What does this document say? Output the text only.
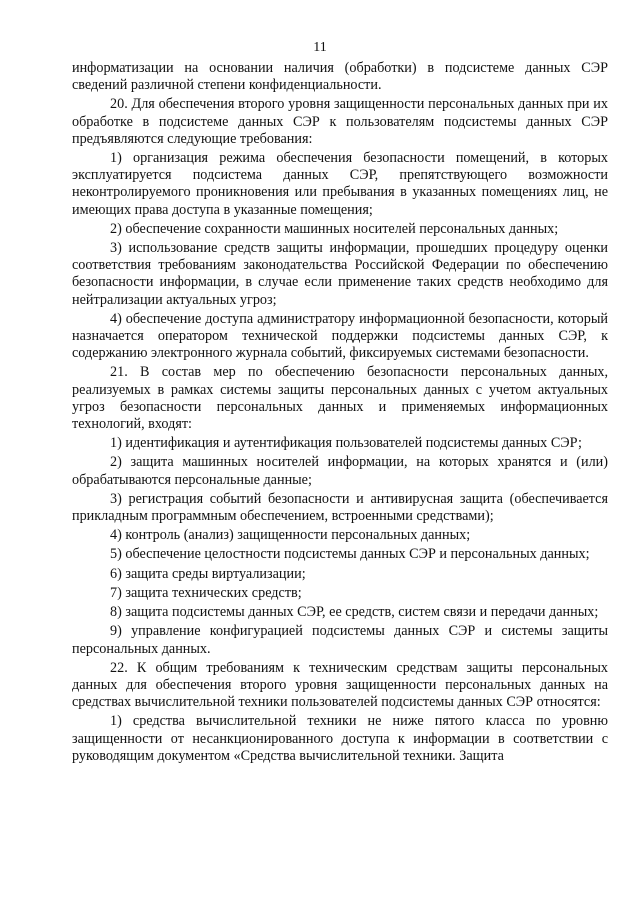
11

информатизации на основании наличия (обработки) в подсистеме данных СЭР сведений различной степени конфиденциальности.

20. Для обеспечения второго уровня защищенности персональных данных при их обработке в подсистеме данных СЭР к пользователям подсистемы данных СЭР предъявляются следующие требования:

1) организация режима обеспечения безопасности помещений, в которых эксплуатируется подсистема данных СЭР, препятствующего возможности неконтролируемого проникновения или пребывания в указанных помещениях лиц, не имеющих права доступа в указанные помещения;

2) обеспечение сохранности машинных носителей персональных данных;

3) использование средств защиты информации, прошедших процедуру оценки соответствия требованиям законодательства Российской Федерации по обеспечению безопасности информации, в случае если применение таких средств необходимо для нейтрализации актуальных угроз;

4) обеспечение доступа администратору информационной безопасности, который назначается оператором технической поддержки подсистемы данных СЭР, к содержанию электронного журнала событий, фиксируемых системами безопасности.

21. В состав мер по обеспечению безопасности персональных данных, реализуемых в рамках системы защиты персональных данных с учетом актуальных угроз безопасности персональных данных и применяемых информационных технологий, входят:

1) идентификация и аутентификация пользователей подсистемы данных СЭР;

2) защита машинных носителей информации, на которых хранятся и (или) обрабатываются персональные данные;

3) регистрация событий безопасности и антивирусная защита (обеспечивается прикладным программным обеспечением, встроенными средствами);

4) контроль (анализ) защищенности персональных данных;

5) обеспечение целостности подсистемы данных СЭР и персональных данных;

6) защита среды виртуализации;

7) защита технических средств;

8) защита подсистемы данных СЭР, ее средств, систем связи и передачи данных;

9) управление конфигурацией подсистемы данных СЭР и системы защиты персональных данных.

22. К общим требованиям к техническим средствам защиты персональных данных для обеспечения второго уровня защищенности персональных данных на средствах вычислительной техники пользователей подсистемы данных СЭР относятся:

1) средства вычислительной техники не ниже пятого класса по уровню защищенности от несанкционированного доступа к информации в соответствии с руководящим документом «Средства вычислительной техники. Защита
